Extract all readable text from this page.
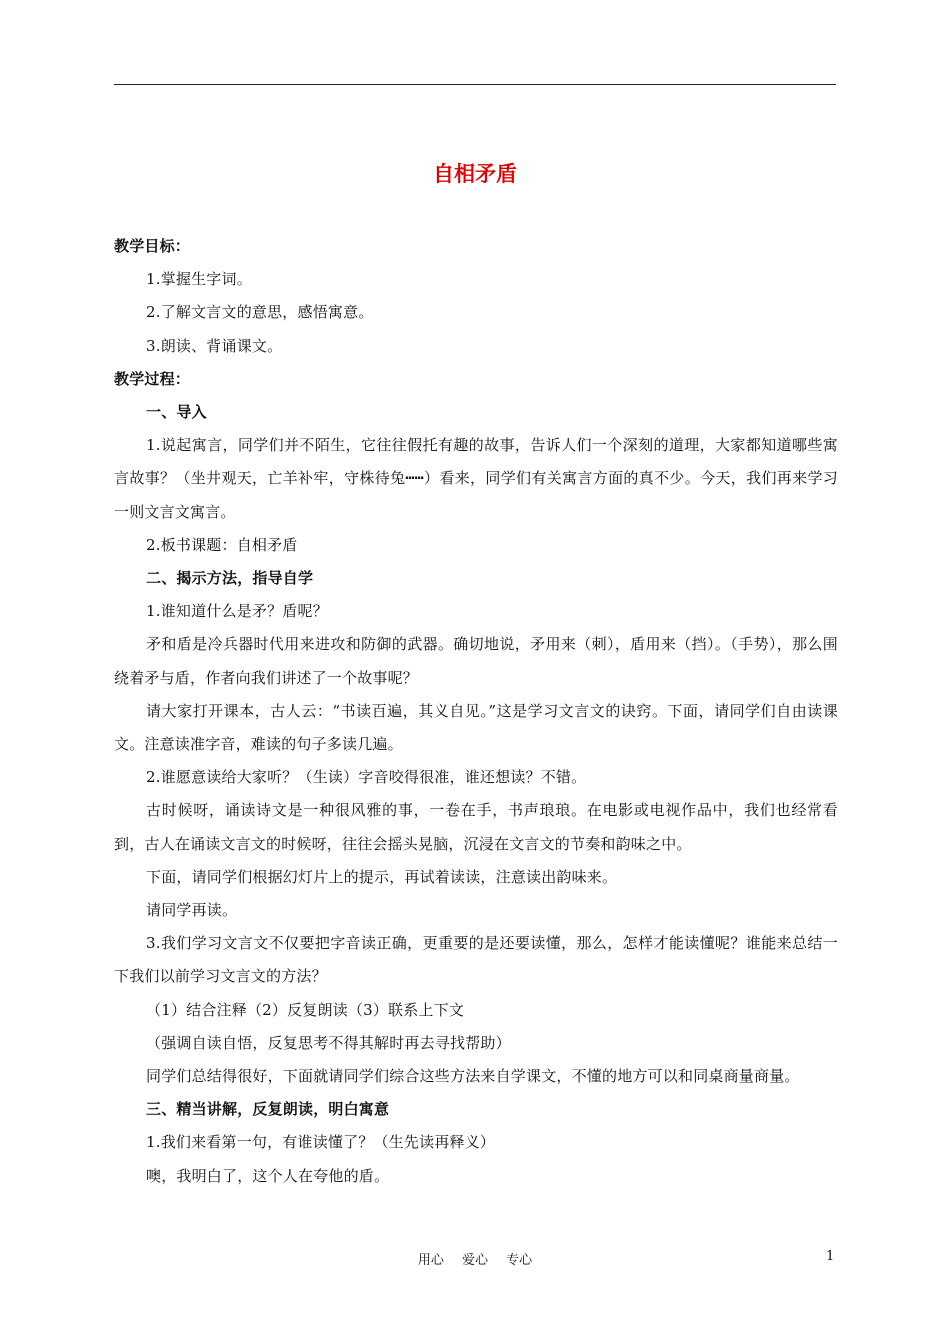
自相矛盾

教学目标：

1.掌握生字词。

2.了解文言文的意思，感悟寓意。

3.朗读、背诵课文。

教学过程：

一、导入

1.说起寓言，同学们并不陌生，它往往假托有趣的故事，告诉人们一个深刻的道理，大家都知道哪些寓言故事？（坐井观天，亡羊补牢，守株待兔┅┅）看来，同学们有关寓言方面的真不少。今天，我们再来学习一则文言文寓言。

2.板书课题：自相矛盾

二、揭示方法，指导自学

1.谁知道什么是矛？盾呢？

矛和盾是冷兵器时代用来进攻和防御的武器。确切地说，矛用来（刺），盾用来（挡）。（手势），那么围绕着矛与盾，作者向我们讲述了一个故事呢？

请大家打开课本，古人云：“书读百遍，其义自见。”这是学习文言文的诀窍。下面，请同学们自由读课文。注意读准字音，难读的句子多读几遍。

2.谁愿意读给大家听？（生读）字音咬得很准，谁还想读？不错。

古时候呀，诵读诗文是一种很风雅的事，一卷在手，书声琅琅。在电影或电视作品中，我们也经常看到，古人在诵读文言文的时候呀，往往会摇头晃脑，沉浸在文言文的节奏和韵味之中。

下面，请同学们根据幻灯片上的提示，再试着读读，注意读出韵味来。

请同学再读。

3.我们学习文言文不仅要把字音读正确，更重要的是还要读懂，那么，怎样才能读懂呢？谁能来总结一下我们以前学习文言文的方法？

（1）结合注释（2）反复朗读（3）联系上下文

（强调自读自悟，反复思考不得其解时再去寻找帮助）

同学们总结得很好，下面就请同学们综合这些方法来自学课文，不懂的地方可以和同桌商量商量。

三、精当讲解，反复朗读，明白寓意

1.我们来看第一句，有谁读懂了？（生先读再释义）

噢，我明白了，这个人在夸他的盾。

用心 爱心 专心	1
